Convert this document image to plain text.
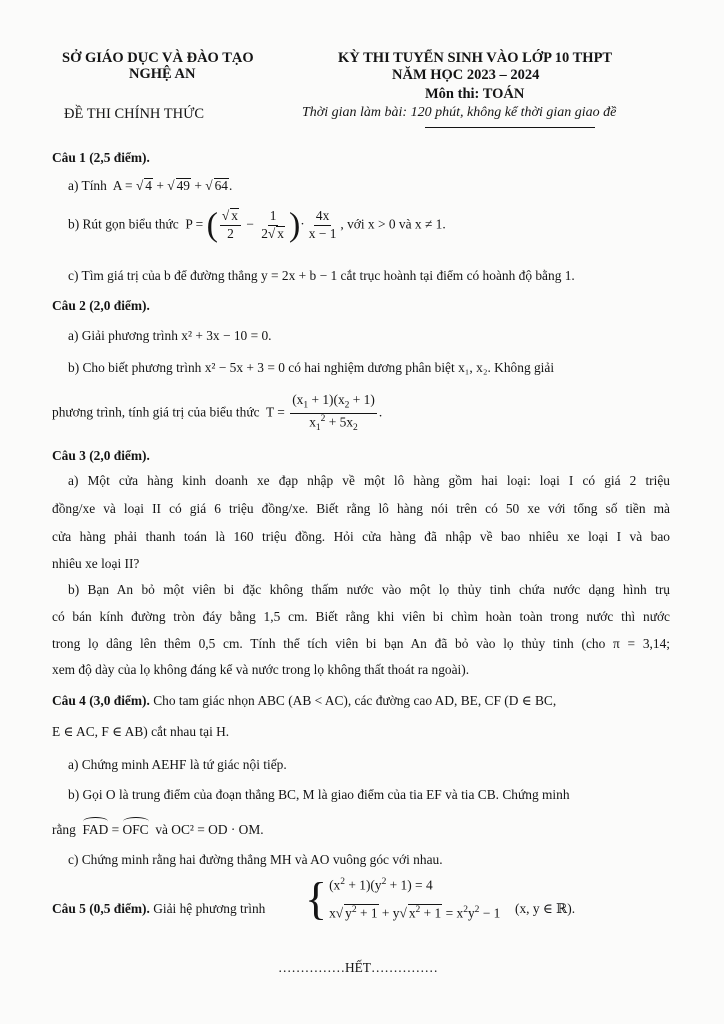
SỞ GIÁO DỤC VÀ ĐÀO TẠO
NGHỆ AN
ĐỀ THI CHÍNH THỨC
KỲ THI TUYỂN SINH VÀO LỚP 10 THPT
NĂM HỌC 2023 – 2024
Môn thi: TOÁN
Thời gian làm bài: 120 phút, không kể thời gian giao đề
Câu 1 (2,5 điểm).
a) Tính  A = √ 4 + √ 49 + √ 64.
b) Rút gọn biểu thức  P = ( $\frac{√ x}{2} - \frac{1}{2√ x}$ )· $\frac{4x}{x - 1}$ , với x > 0 và x ≠ 1.
c) Tìm giá trị của b để đường thẳng y = 2x + b − 1 cắt trục hoành tại điểm có hoành độ bằng 1.
Câu 2 (2,0 điểm).
a) Giải phương trình x² + 3x − 10 = 0.
b) Cho biết phương trình x² − 5x + 3 = 0 có hai nghiệm dương phân biệt x₁, x₂. Không giải
phương trình, tính giá trị của biểu thức  $T = \frac{(x_1 + 1)(x_2 + 1)}{x_1^2 + 5x_2}$ .
Câu 3 (2,0 điểm).
a) Một cửa hàng kinh doanh xe đạp nhập về một lô hàng gồm hai loại: loại I có giá 2 triệu
đồng/xe và loại II có giá 6 triệu đồng/xe. Biết rằng lô hàng nói trên có 50 xe với tổng số tiền mà
cửa hàng phải thanh toán là 160 triệu đồng. Hỏi cửa hàng đã nhập về bao nhiêu xe loại I và bao
nhiêu xe loại II?
b) Bạn An bỏ một viên bi đặc không thấm nước vào một lọ thủy tinh chứa nước dạng hình trụ
có bán kính đường tròn đáy bằng 1,5 cm. Biết rằng khi viên bi chìm hoàn toàn trong nước thì nước
trong lọ dâng lên thêm 0,5 cm. Tính thể tích viên bi bạn An đã bỏ vào lọ thủy tinh (cho π = 3,14;
xem độ dày của lọ không đáng kể và nước trong lọ không thất thoát ra ngoài).
Câu 4 (3,0 điểm). Cho tam giác nhọn ABC (AB < AC), các đường cao AD, BE, CF (D ∈ BC,
E ∈ AC, F ∈ AB) cắt nhau tại H.
a) Chứng minh AEHF là tứ giác nội tiếp.
b) Gọi O là trung điểm của đoạn thẳng BC, M là giao điểm của tia EF và tia CB. Chứng minh
rằng FAD = OFC và OC² = OD · OM.
c) Chứng minh rằng hai đường thẳng MH và AO vuông góc với nhau.
Câu 5 (0,5 điểm). Giải hệ phương trình { $(x^2 + 1)(y^2 + 1) = 4$
x√ $y^2 + 1 + y√$ $x^2 + 1 = x^2y^2 - 1$ (x, y ∈ ℝ).
……………HẾT……………
